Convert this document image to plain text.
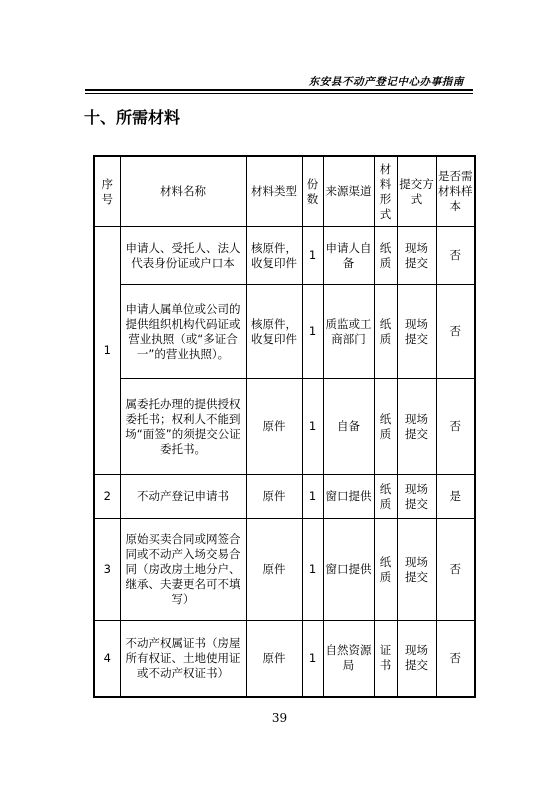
东安县不动产登记中心办事指南
十、所需材料
序号	材料名称	材料类型	份数	来源渠道	材料形式	提交方式	是否需材料样本
1	申请人、受托人、法人代表身份证或户口本	核原件，收复印件	1	申请人自备	纸质	现场提交	否
	申请人属单位或公司的提供组织机构代码证或营业执照（或“多证合一”的营业执照）。	核原件，收复印件	1	质监或工商部门	纸质	现场提交	否
	属委托办理的提供授权委托书；权利人不能到场“面签”的须提交公证委托书。	原件	1	自备	纸质	现场提交	否
2	不动产登记申请书	原件	1	窗口提供	纸质	现场提交	是
3	原始买卖合同或网签合同或不动产入场交易合同（房改房土地分户、继承、夫妻更名可不填写）	原件	1	窗口提供	纸质	现场提交	否
4	不动产权属证书（房屋所有权证、土地使用证或不动产权证书）	原件	1	自然资源局	证书	现场提交	否
39
